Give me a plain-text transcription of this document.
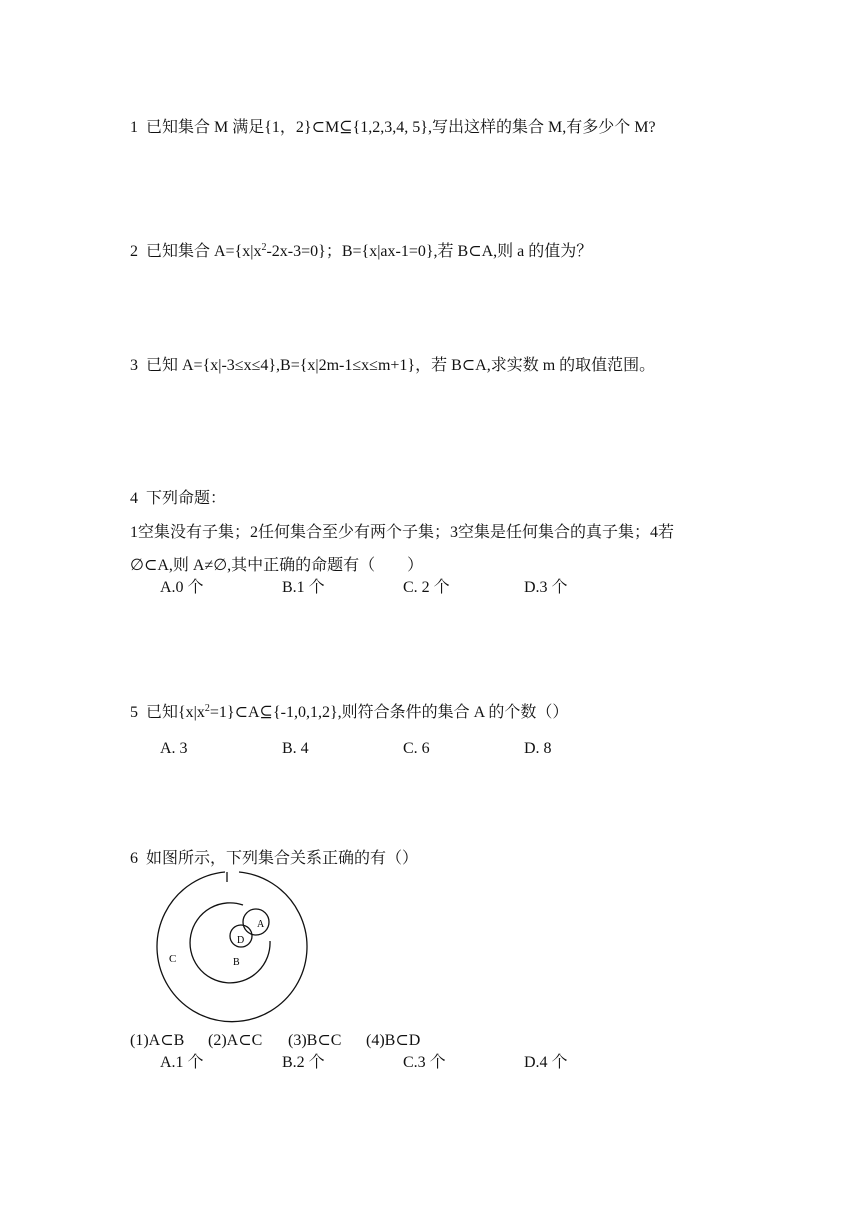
1 已知集合 M 满足{1，2}⊂M⊆{1,2,3,4, 5},写出这样的集合 M,有多少个 M?
2 已知集合 $A=\{x|x^2-2x-3=0\}$；B={x|ax-1=0},若 B⊂A,则 a 的值为？
3 已知 A={x|-3≤x≤4},B={x|2m-1≤x≤m+1}，若 B⊂A,求实数 m 的取值范围。
4 下列命题：
1空集没有子集；2任何集合至少有两个子集；3空集是任何集合的真子集；4若
∅⊂A,则 A≠∅,其中正确的命题有（　　）
A.0 个	B.1 个	C. 2 个	D.3 个
5 已知$\{x|x^2=1\}\subset A⊆\{-1,0,1,2\}$,则符合条件的集合 A 的个数（）
A. 3	B. 4	C. 6	D. 8
6 如图所示，下列集合关系正确的有（）
A
D
B
C
(1)A⊂B (2)A⊂C (3)B⊂C (4)B⊂D
A.1 个	B.2 个	C.3 个	D.4 个
